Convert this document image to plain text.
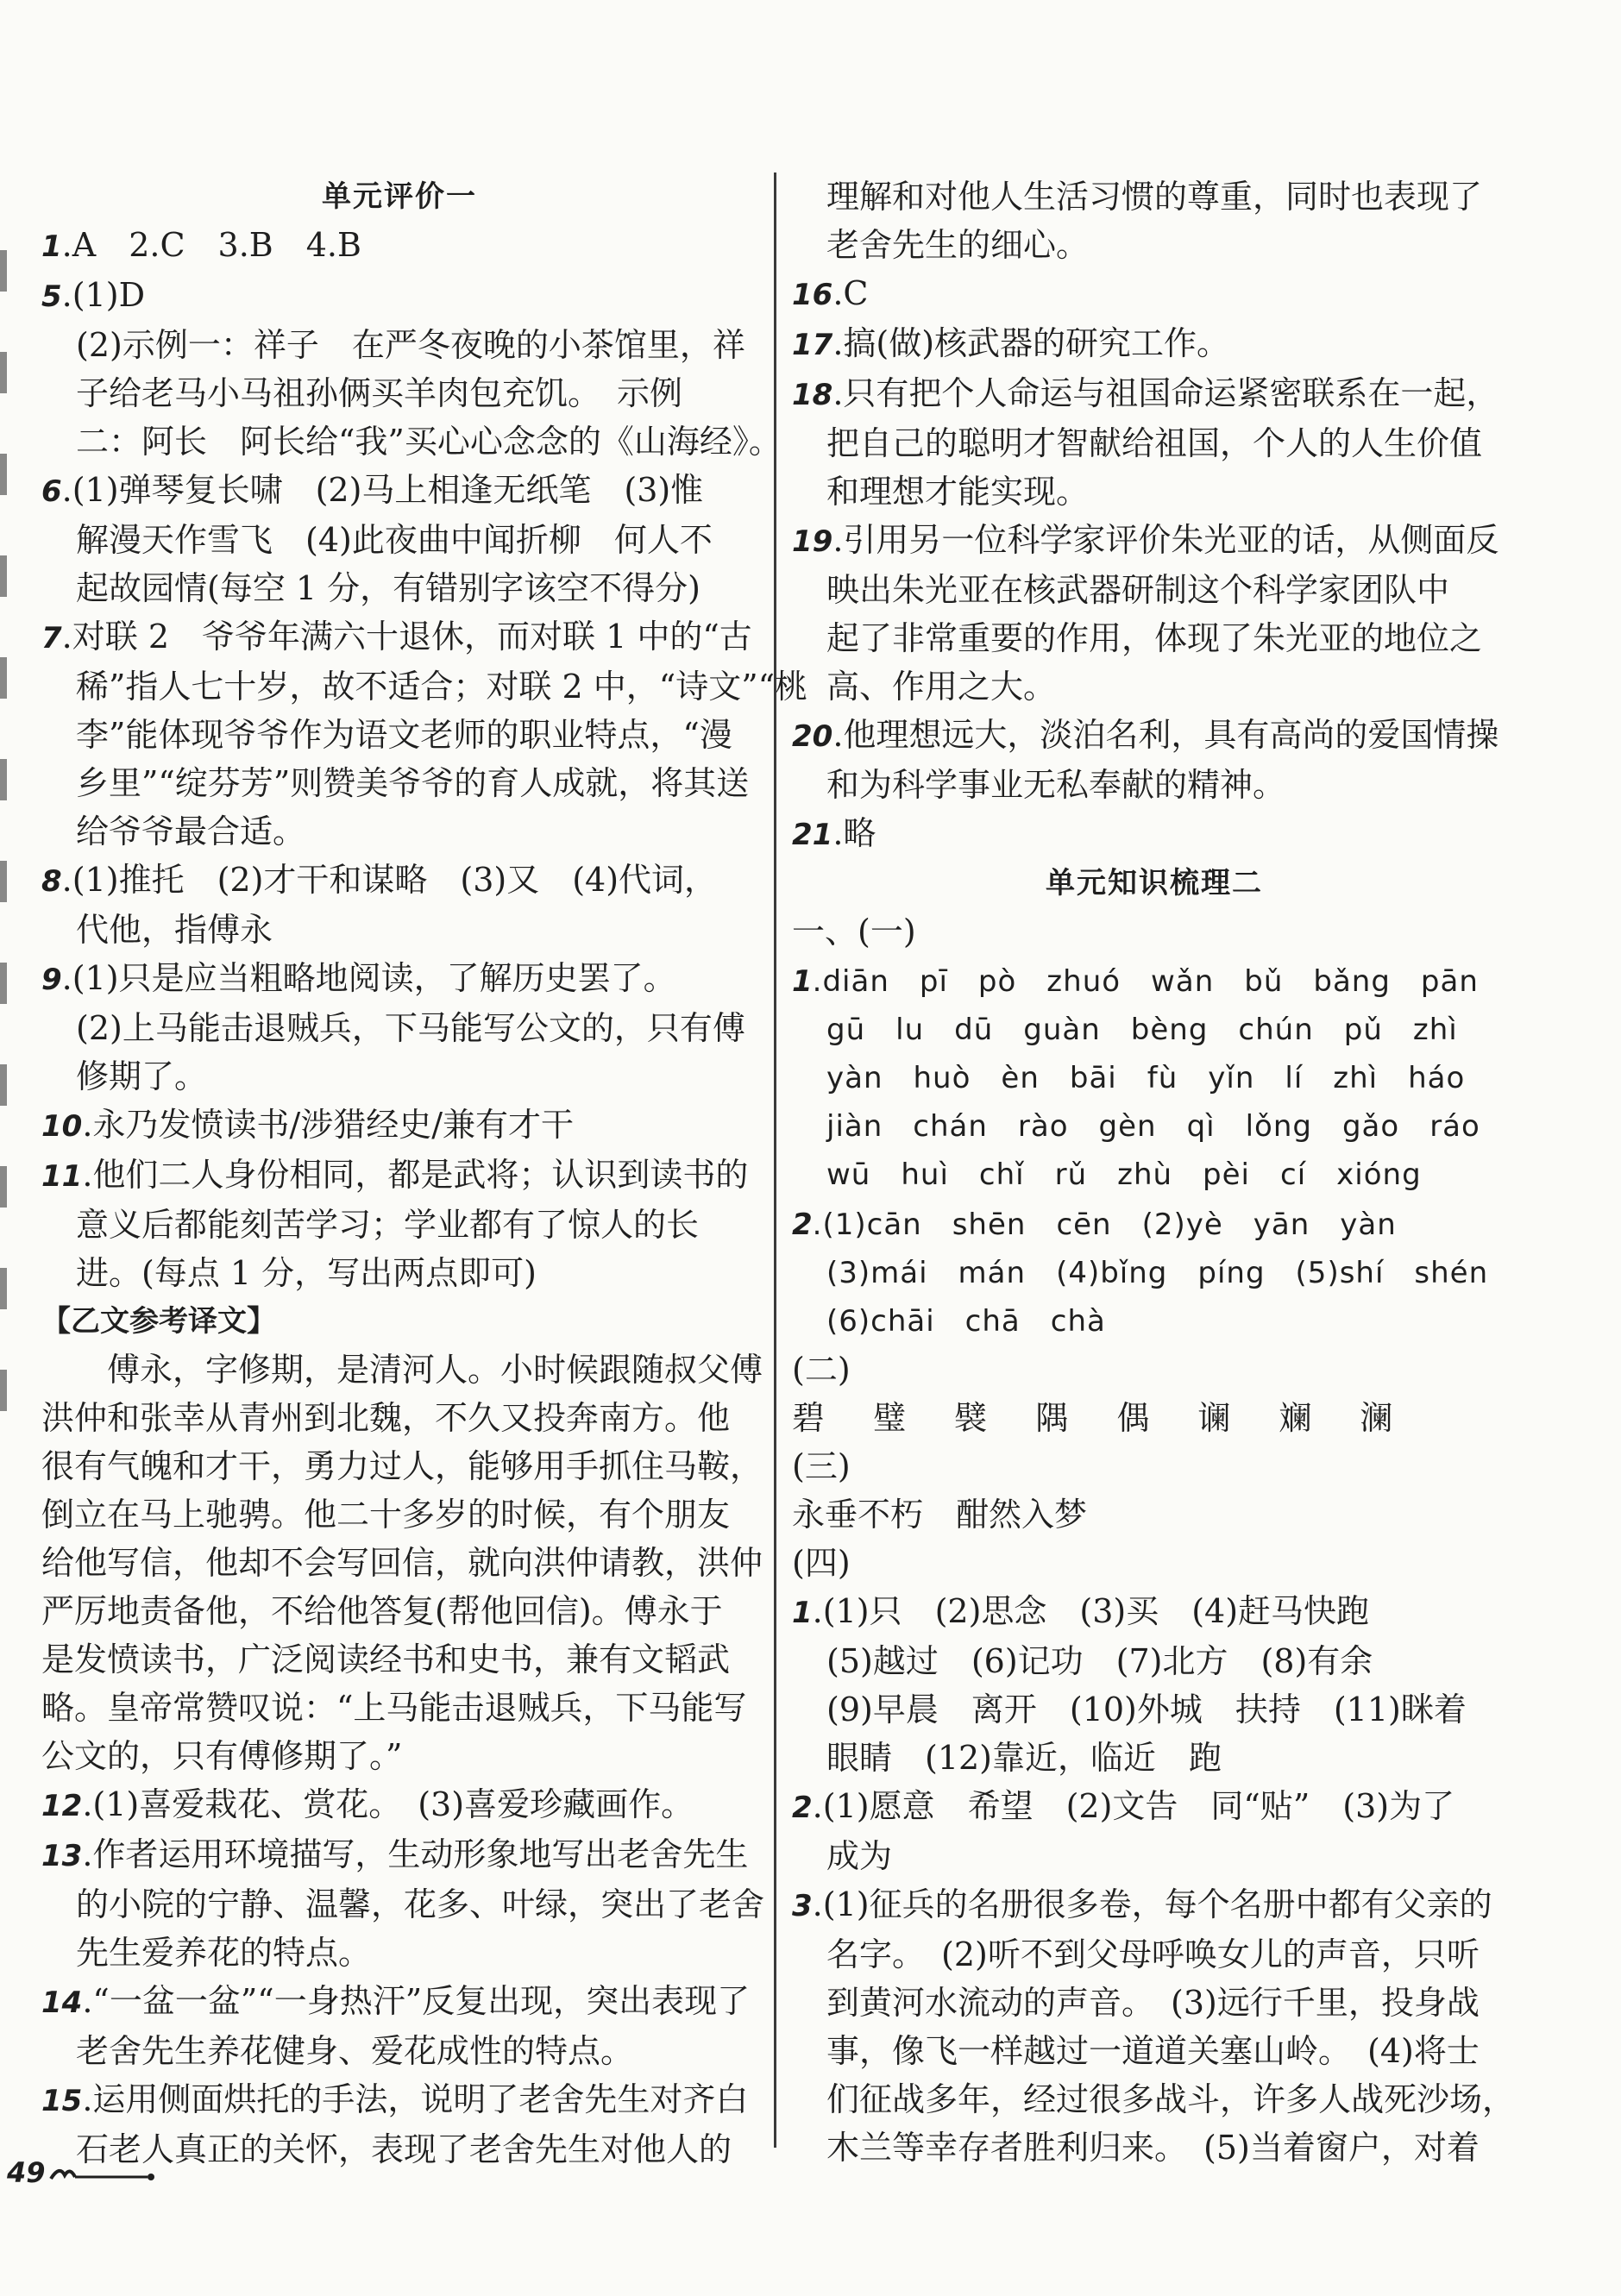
单元评价一
1.A　2.C　3.B　4.B
5.(1)D
(2)示例一：祥子　在严冬夜晚的小茶馆里，祥
子给老马小马祖孙俩买羊肉包充饥。　示例
二：阿长　阿长给“我”买心心念念的《山海经》。
6.(1)弹琴复长啸　(2)马上相逢无纸笔　(3)惟
解漫天作雪飞　(4)此夜曲中闻折柳　何人不
起故园情(每空 1 分，有错别字该空不得分)
7.对联 2　爷爷年满六十退休，而对联 1 中的“古
稀”指人七十岁，故不适合；对联 2 中，“诗文”“桃
李”能体现爷爷作为语文老师的职业特点，“漫
乡里”“绽芬芳”则赞美爷爷的育人成就，将其送
给爷爷最合适。
8.(1)推托　(2)才干和谋略　(3)又　(4)代词，
代他，指傅永
9.(1)只是应当粗略地阅读，了解历史罢了。
(2)上马能击退贼兵，下马能写公文的，只有傅
修期了。
10.永乃发愤读书/涉猎经史/兼有才干
11.他们二人身份相同，都是武将；认识到读书的
意义后都能刻苦学习；学业都有了惊人的长
进。(每点 1 分，写出两点即可)
【乙文参考译文】
傅永，字修期，是清河人。小时候跟随叔父傅
洪仲和张幸从青州到北魏，不久又投奔南方。他
很有气魄和才干，勇力过人，能够用手抓住马鞍，
倒立在马上驰骋。他二十多岁的时候，有个朋友
给他写信，他却不会写回信，就向洪仲请教，洪仲
严厉地责备他，不给他答复(帮他回信)。傅永于
是发愤读书，广泛阅读经书和史书，兼有文韬武
略。皇帝常赞叹说：“上马能击退贼兵，下马能写
公文的，只有傅修期了。”
12.(1)喜爱栽花、赏花。　(3)喜爱珍藏画作。
13.作者运用环境描写，生动形象地写出老舍先生
的小院的宁静、温馨，花多、叶绿，突出了老舍
先生爱养花的特点。
14.“一盆一盆”“一身热汗”反复出现，突出表现了
老舍先生养花健身、爱花成性的特点。
15.运用侧面烘托的手法，说明了老舍先生对齐白
石老人真正的关怀，表现了老舍先生对他人的
理解和对他人生活习惯的尊重，同时也表现了
老舍先生的细心。
16.C
17.搞(做)核武器的研究工作。
18.只有把个人命运与祖国命运紧密联系在一起，
把自己的聪明才智献给祖国，个人的人生价值
和理想才能实现。
19.引用另一位科学家评价朱光亚的话，从侧面反
映出朱光亚在核武器研制这个科学家团队中
起了非常重要的作用，体现了朱光亚的地位之
高、作用之大。
20.他理想远大，淡泊名利，具有高尚的爱国情操
和为科学事业无私奉献的精神。
21.略
单元知识梳理二
一、(一)
1.diān　pī　pò　zhuó　wǎn　bǔ　bǎng　pān
gū　lu　dū　guàn　bèng　chún　pǔ　zhì
yàn　huò　èn　bāi　fù　yǐn　lí　zhì　háo
jiàn　chán　rào　gèn　qì　lǒng　gǎo　ráo
wū　huì　chǐ　rǔ　zhù　pèi　cí　xióng
2.(1)cān　shēn　cēn　(2)yè　yān　yàn
(3)mái　mán　(4)bǐng　píng　(5)shí　shén
(6)chāi　chā　chà
(二)
碧 璧 襞 隅 偶 谰 斓 澜
(三)
永垂不朽　酣然入梦
(四)
1.(1)只　(2)思念　(3)买　(4)赶马快跑
(5)越过　(6)记功　(7)北方　(8)有余
(9)早晨　离开　(10)外城　扶持　(11)眯着
眼睛　(12)靠近，临近　跑
2.(1)愿意　希望　(2)文告　同“贴”　(3)为了
成为
3.(1)征兵的名册很多卷，每个名册中都有父亲的
名字。　(2)听不到父母呼唤女儿的声音，只听
到黄河水流动的声音。　(3)远行千里，投身战
事，像飞一样越过一道道关塞山岭。　(4)将士
们征战多年，经过很多战斗，许多人战死沙场，
木兰等幸存者胜利归来。　(5)当着窗户，对着
49
